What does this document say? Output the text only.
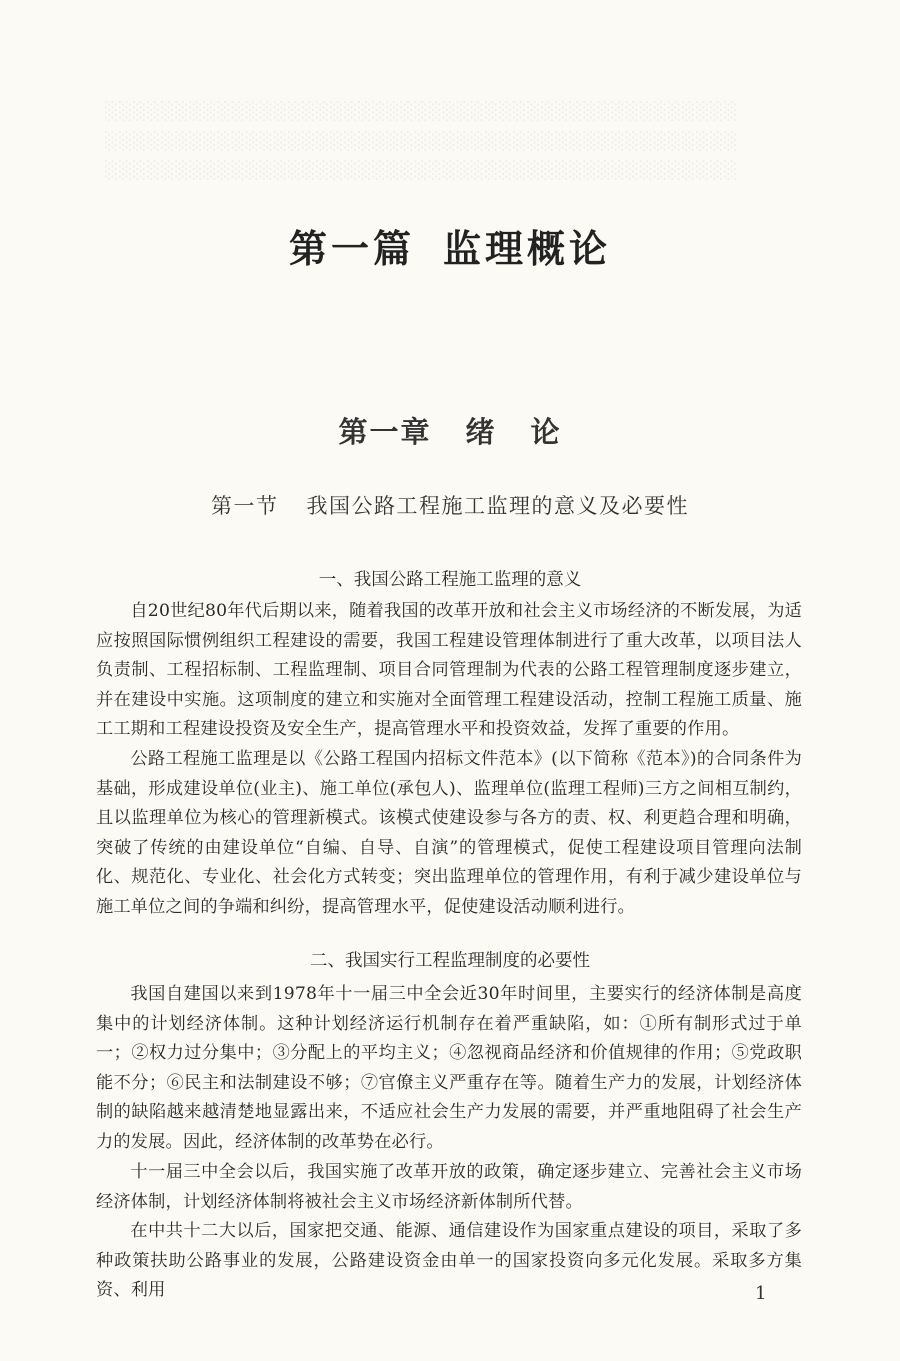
░░░░░░░░░░░░░░░░░░░░░░░░░░░░░░░░░░░░░░░░░░░░░
░░░░░░░░░░░░░░░░░░░░░░░░░░░░░░░░░░░░░░░░░░░░░
░░░░░░░░░░░░░░░░░░░░░░░░░░░░░░░░░░░░░░░░░░░░░
第一篇 监理概论
第一章 绪 论
第一节 我国公路工程施工监理的意义及必要性
一、我国公路工程施工监理的意义
自20世纪80年代后期以来，随着我国的改革开放和社会主义市场经济的不断发展，为适应按照国际惯例组织工程建设的需要，我国工程建设管理体制进行了重大改革，以项目法人负责制、工程招标制、工程监理制、项目合同管理制为代表的公路工程管理制度逐步建立，并在建设中实施。这项制度的建立和实施对全面管理工程建设活动，控制工程施工质量、施工工期和工程建设投资及安全生产，提高管理水平和投资效益，发挥了重要的作用。
公路工程施工监理是以《公路工程国内招标文件范本》(以下简称《范本》)的合同条件为基础，形成建设单位(业主)、施工单位(承包人)、监理单位(监理工程师)三方之间相互制约，且以监理单位为核心的管理新模式。该模式使建设参与各方的责、权、利更趋合理和明确，突破了传统的由建设单位“自编、自导、自演”的管理模式，促使工程建设项目管理向法制化、规范化、专业化、社会化方式转变；突出监理单位的管理作用，有利于减少建设单位与施工单位之间的争端和纠纷，提高管理水平，促使建设活动顺利进行。
二、我国实行工程监理制度的必要性
我国自建国以来到1978年十一届三中全会近30年时间里，主要实行的经济体制是高度集中的计划经济体制。这种计划经济运行机制存在着严重缺陷，如：①所有制形式过于单一；②权力过分集中；③分配上的平均主义；④忽视商品经济和价值规律的作用；⑤党政职能不分；⑥民主和法制建设不够；⑦官僚主义严重存在等。随着生产力的发展，计划经济体制的缺陷越来越清楚地显露出来，不适应社会生产力发展的需要，并严重地阻碍了社会生产力的发展。因此，经济体制的改革势在必行。
十一届三中全会以后，我国实施了改革开放的政策，确定逐步建立、完善社会主义市场经济体制，计划经济体制将被社会主义市场经济新体制所代替。
在中共十二大以后，国家把交通、能源、通信建设作为国家重点建设的项目，采取了多种政策扶助公路事业的发展，公路建设资金由单一的国家投资向多元化发展。采取多方集资、利用	1
